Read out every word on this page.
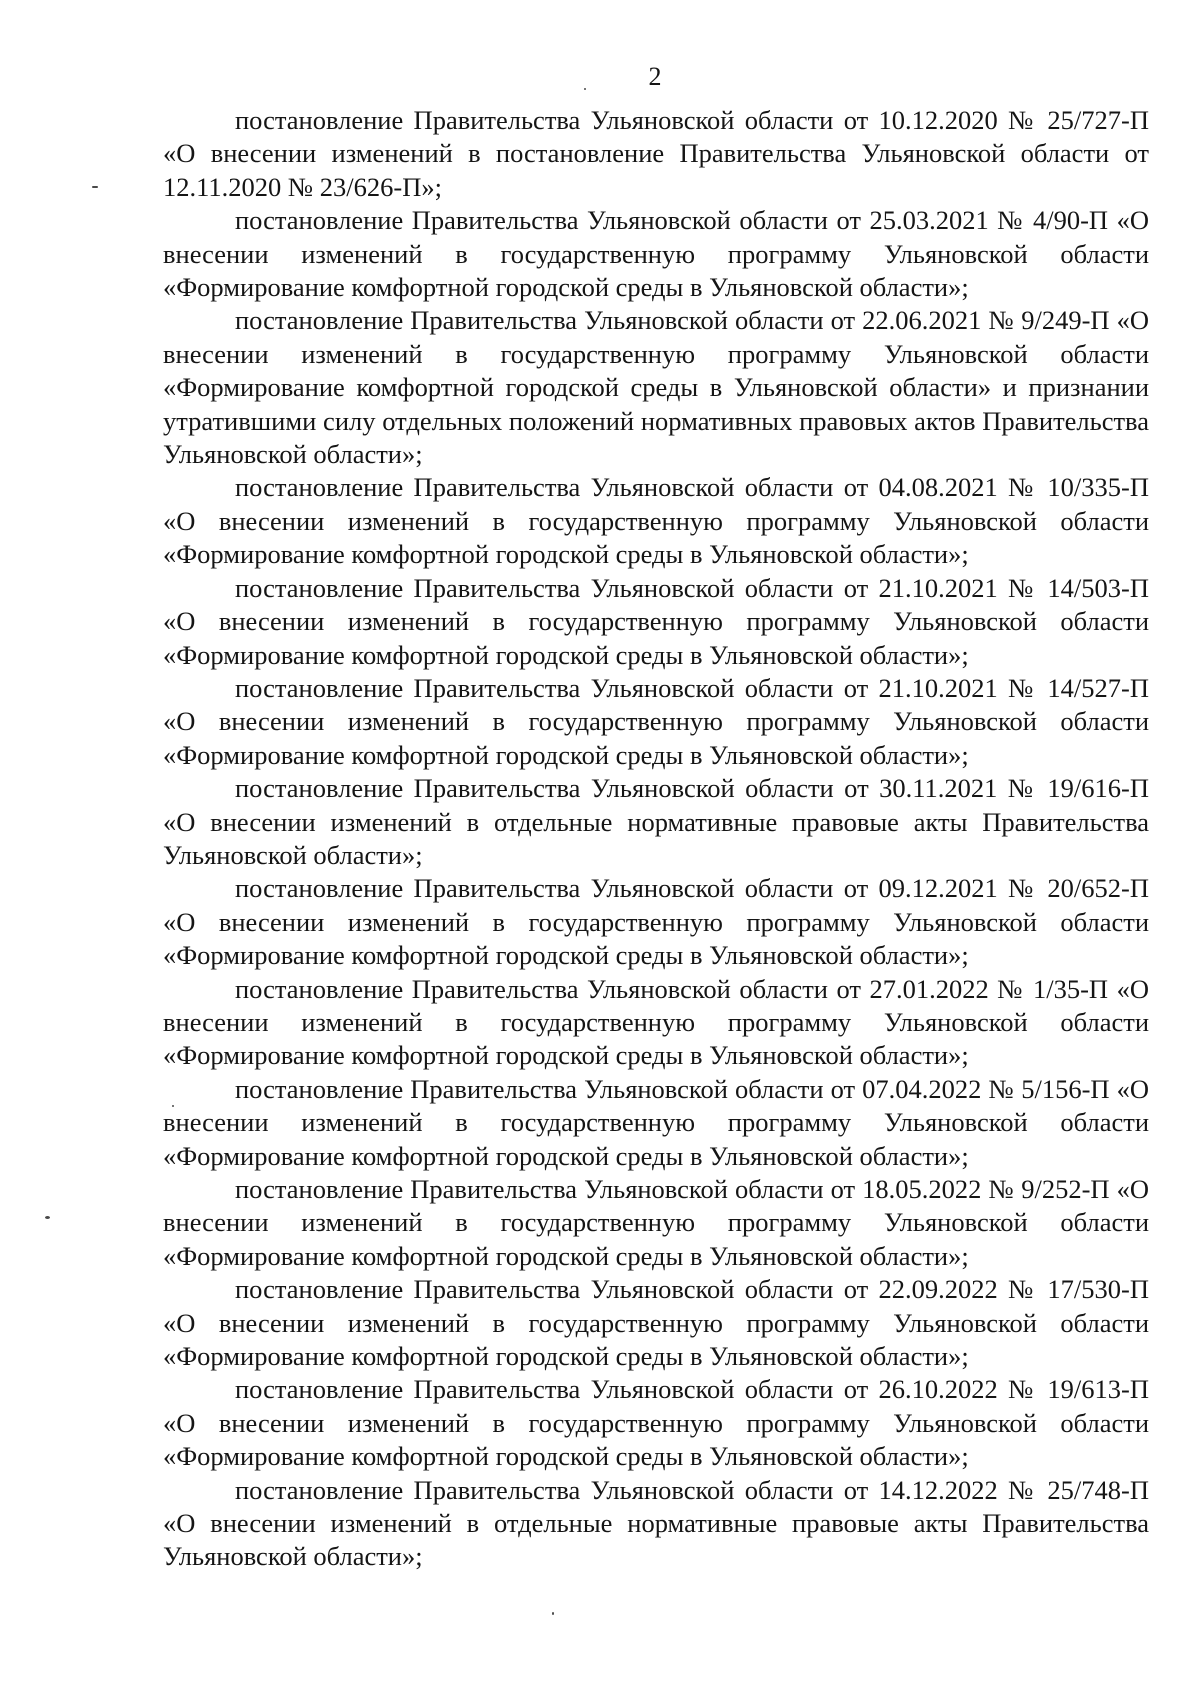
2

постановление Правительства Ульяновской области от 10.12.2020 № 25/727-П «О внесении изменений в постановление Правительства Ульяновской области от 12.11.2020 № 23/626-П»;

постановление Правительства Ульяновской области от 25.03.2021 № 4/90-П «О внесении изменений в государственную программу Ульяновской области «Формирование комфортной городской среды в Ульяновской области»;

постановление Правительства Ульяновской области от 22.06.2021 № 9/249-П «О внесении изменений в государственную программу Ульяновской области «Формирование комфортной городской среды в Ульяновской области» и признании утратившими силу отдельных положений нормативных правовых актов Правительства Ульяновской области»;

постановление Правительства Ульяновской области от 04.08.2021 № 10/335-П «О внесении изменений в государственную программу Ульяновской области «Формирование комфортной городской среды в Ульяновской области»;

постановление Правительства Ульяновской области от 21.10.2021 № 14/503-П «О внесении изменений в государственную программу Ульяновской области «Формирование комфортной городской среды в Ульяновской области»;

постановление Правительства Ульяновской области от 21.10.2021 № 14/527-П «О внесении изменений в государственную программу Ульяновской области «Формирование комфортной городской среды в Ульяновской области»;

постановление Правительства Ульяновской области от 30.11.2021 № 19/616-П «О внесении изменений в отдельные нормативные правовые акты Правительства Ульяновской области»;

постановление Правительства Ульяновской области от 09.12.2021 № 20/652-П «О внесении изменений в государственную программу Ульяновской области «Формирование комфортной городской среды в Ульяновской области»;

постановление Правительства Ульяновской области от 27.01.2022 № 1/35-П «О внесении изменений в государственную программу Ульяновской области «Формирование комфортной городской среды в Ульяновской области»;

постановление Правительства Ульяновской области от 07.04.2022 № 5/156-П «О внесении изменений в государственную программу Ульяновской области «Формирование комфортной городской среды в Ульяновской области»;

постановление Правительства Ульяновской области от 18.05.2022 № 9/252-П «О внесении изменений в государственную программу Ульяновской области «Формирование комфортной городской среды в Ульяновской области»;

постановление Правительства Ульяновской области от 22.09.2022 № 17/530-П «О внесении изменений в государственную программу Ульяновской области «Формирование комфортной городской среды в Ульяновской области»;

постановление Правительства Ульяновской области от 26.10.2022 № 19/613-П «О внесении изменений в государственную программу Ульяновской области «Формирование комфортной городской среды в Ульяновской области»;

постановление Правительства Ульяновской области от 14.12.2022 № 25/748-П «О внесении изменений в отдельные нормативные правовые акты Правительства Ульяновской области»;
